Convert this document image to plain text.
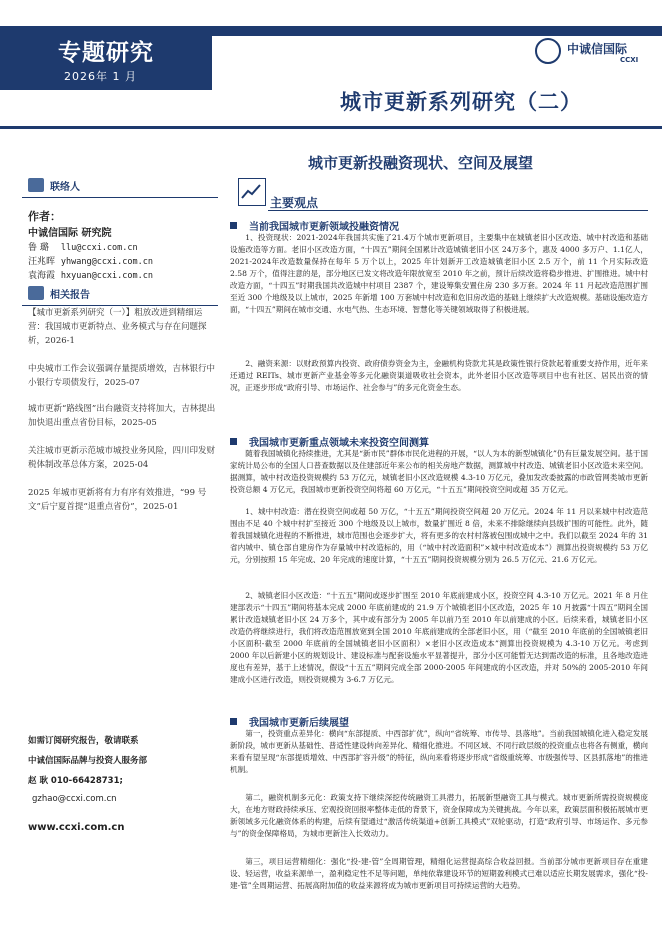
专题研究
2026年 1 月
中诚信国际
CCXI
城市更新系列研究（二）
联络人
作者：
中诚信国际 研究院
鲁 璐 llu@ccxi.com.cn
汪兆晖 yhwang@ccxi.com.cn
袁海霞 hxyuan@ccxi.com.cn
相关报告
【城市更新系列研究（一）】粗放改进到精细运营：我国城市更新特点、业务模式与存在问题探析，2026-1
中央城市工作会议强调存量提质增效，吉林银行中小银行专项债发行，2025-07
城市更新“路线图”出台融资支持将加大，吉林提出加快退出重点省份目标，2025-05
关注城市更新示范城市城投业务风险，四川印发财税体制改革总体方案，2025-04
2025 年城市更新将有力有序有效推进，“99 号文”后宁夏首提“退重点省份”，2025-01
如需订阅研究报告，敬请联系
中诚信国际品牌与投资人服务部
赵 耿 010-66428731;
gzhao@ccxi.com.cn
www.ccxi.com.cn
城市更新投融资现状、空间及展望
主要观点
当前我国城市更新领域投融资情况
1、投资现状：2021-2024年我国共实施了21.4万个城市更新项目，主要集中在城镇老旧小区改造、城中村改造和基础设施改造等方面。老旧小区改造方面，“十四五”期间全国累计改造城镇老旧小区 24万多个，惠及 4000 多万户、1.1亿人，2021-2024年改造数量保持在每年 5 万个以上，2025 年计划新开工改造城镇老旧小区 2.5 万个，前 11 个月实际改造 2.58 万个，值得注意的是，部分地区已发文将改造年限放宽至 2010 年之前，预计后续改造将稳步推进、扩围推进。城中村改造方面，“十四五”时期我国共改造城中村项目 2387 个，建设筹集安置住房 230 多万套。2024 年 11 月起改造范围扩围至近 300 个地级及以上城市，2025 年新增 100 万套城中村改造和危旧房改造的基础上继续扩大改造规模。基础设施改造方面，“十四五”期间在城市交通、水电气热、生态环境、智慧化等关键领域取得了积极进展。
2、融资来源：以财政预算内投资、政府债券资金为主，金融机构贷款尤其是政策性银行贷款起着重要支持作用，近年来还通过 REITs、城市更新产业基金等多元化融资渠道吸收社会资本，此外老旧小区改造等项目中也有社区、居民出资的情况，正逐步形成“政府引导、市场运作、社会参与”的多元化资金生态。
我国城市更新重点领域未来投资空间测算
随着我国城镇化持续推进，尤其是“新市民”群体市民化进程的开展，“以人为本的新型城镇化”仍有巨量发展空间。基于国家统计局公布的全国人口普查数据以及住建部近年来公布的相关房地产数据，测算城中村改造、城镇老旧小区改造未来空间。据测算，城中村改造投资规模约 53 万亿元，城镇老旧小区改造规模 4.3-10 万亿元，叠加发改委披露的市政管网类城市更新投资总额 4 万亿元，我国城市更新投资空间将超 60 万亿元，“十五五”期间投资空间或超 35 万亿元。
1、城中村改造：潜在投资空间或超 50 万亿，“十五五”期间投资空间超 20 万亿元。2024 年 11 月以来城中村改造范围由不足 40 个城中村扩至接近 300 个地级及以上城市，数量扩围近 8 倍，未来不排除继续向县级扩围的可能性。此外，随着我国城镇化进程的不断推进，城市范围也会逐步扩大，将有更多的农村村落被包围成城中之中。我们以截至 2024 年的 31 省内城中、镇仓部自建房作为存量城中村改造标的，用（“城中村改造面积”×城中村改造成本”）测算出投资规模约 53 万亿元，分别按照 15 年完成、20 年完成的速度计算，“十五五”期间投资规模分别为 26.5 万亿元、21.6 万亿元。
2、城镇老旧小区改造：“十五五”期间或逐步扩围至 2010 年底前建成小区，投资空间 4.3-10 万亿元。2021 年 8 月住建部表示“十四五”期间将基本完成 2000 年底前建成的 21.9 万个城镇老旧小区改造，2025 年 10 月披露“十四五”期间全国累计改造城镇老旧小区 24 万多个，其中或有部分为 2005 年以前乃至 2010 年以前建成的小区。后续来看，城镇老旧小区改造仍将继续进行，我们将改造范围放宽到全国 2010 年底前建成的全部老旧小区，用（“截至 2010 年底前的全国城镇老旧小区面积-截至 2000 年底前的全国城镇老旧小区面积）×老旧小区改造成本”测算出投资规模为 4.3-10 万亿元。考虑到 2000 年以后新建小区的规划设计、建设标准与配套设施水平显著提升，部分小区可能暂无达到需改造的标准，且各地改造进度也有差异，基于上述情况，假设“十五五”期间完成全部 2000-2005 年间建成的小区改造，并对 50%的 2005-2010 年间建成小区进行改造，则投资规模为 3-6.7 万亿元。
我国城市更新后续展望
第一，投资重点差异化：横向“东部提质、中西部扩优”，纵向“省统筹、市传导、县落地”。当前我国城镇化进入稳定发展新阶段，城市更新从基础性、普适性建设转向差异化、精细化推进。不同区域、不同行政层级的投资重点也将各有侧重，横向来看有望呈现“东部提质增效、中西部扩容升级”的特征，纵向来看将逐步形成“省级重统筹、市级强传导、区县抓落地”的推进机制。
第二，融资机制多元化：政策支持下继续深挖传统融资工具潜力，拓展新型融资工具与模式。城市更新所需投资规模庞大，在地方财政持续承压、宏观投资回报率整体走低的背景下，资金保障成为关键挑战。今年以来，政策层面积极拓展城市更新领域多元化融资体系的构建，后续有望通过“激活传统渠道+创新工具模式”双轮驱动，打造“政府引导、市场运作、多元参与”的资金保障格局，为城市更新注入长效动力。
第三，项目运营精细化：强化“投-建-管”全周期管理，精细化运营提高综合收益回报。当前部分城市更新项目存在重建设、轻运营，收益来源单一，盈利稳定性不足等问题，单纯依靠建设环节的短期盈利模式已难以适应长期发展需求，强化“投-建-管”全周期运营、拓展高附加值的收益来源将成为城市更新项目可持续运营的大趋势。
